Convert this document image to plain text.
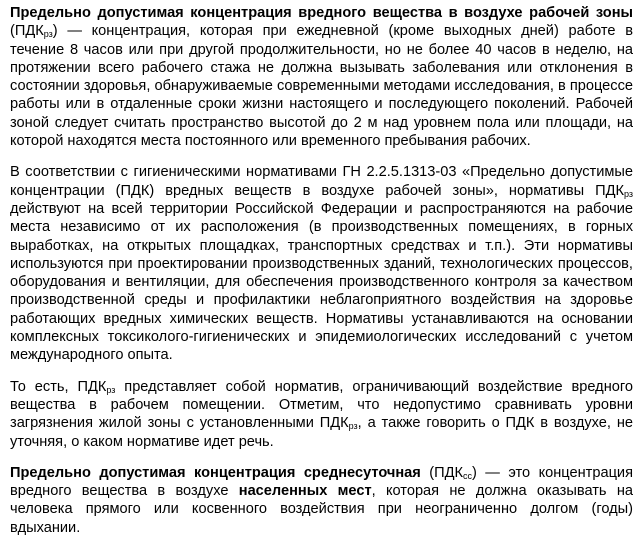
Предельно допустимая концентрация вредного вещества в воздухе рабочей зоны $(ПДК_{рз})$ — концентрация, которая при ежедневной (кроме выходных дней) работе в течение 8 часов или при другой продолжительности, но не более 40 часов в неделю, на протяжении всего рабочего стажа не должна вызывать заболевания или отклонения в состоянии здоровья, обнаруживаемые современными методами исследования, в процессе работы или в отдаленные сроки жизни настоящего и последующего поколений. Рабочей зоной следует считать пространство высотой до 2 м над уровнем пола или площади, на которой находятся места постоянного или временного пребывания рабочих.

В соответствии с гигиеническими нормативами ГН 2.2.5.1313-03 «Предельно допустимые концентрации (ПДК) вредных веществ в воздухе рабочей зоны», нормативы $ПДК_{рз}$ действуют на всей территории Российской Федерации и распространяются на рабочие места независимо от их расположения (в производственных помещениях, в горных выработках, на открытых площадках, транспортных средствах и т.п.). Эти нормативы используются при проектировании производственных зданий, технологических процессов, оборудования и вентиляции, для обеспечения производственного контроля за качеством производственной среды и профилактики неблагоприятного воздействия на здоровье работающих вредных химических веществ. Нормативы устанавливаются на основании комплексных токсиколого-гигиенических и эпидемиологических исследований с учетом международного опыта.

То есть, $ПДК_{рз}$ представляет собой норматив, ограничивающий воздействие вредного вещества в рабочем помещении. Отметим, что недопустимо сравнивать уровни загрязнения жилой зоны с установленными $ПДК_{рз}$, а также говорить о ПДК в воздухе, не уточняя, о каком нормативе идет речь.

Предельно допустимая концентрация среднесуточная $(ПДК_{сс})$ — это концентрация вредного вещества в воздухе населенных мест, которая не должна оказывать на человека прямого или косвенного воздействия при неограниченно долгом (годы) вдыхании.
